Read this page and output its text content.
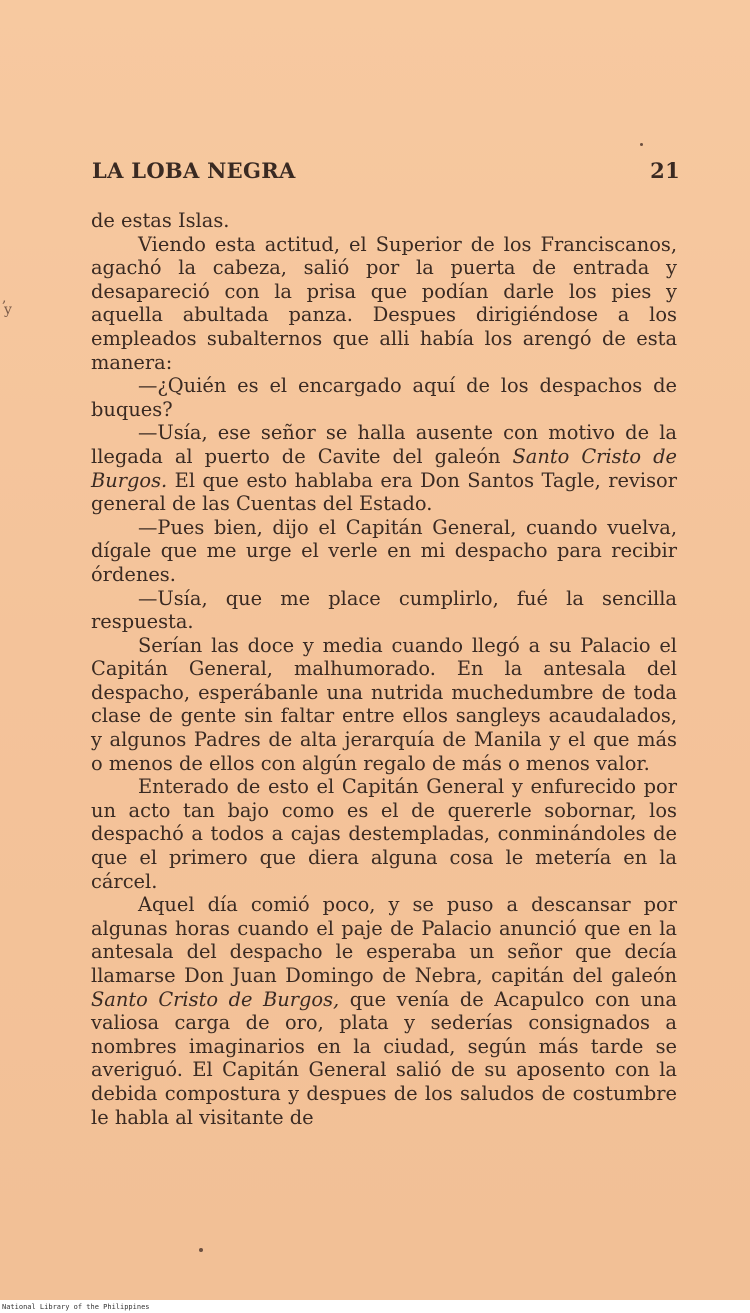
LA LOBA NEGRA	21

de estas Islas.

Viendo esta actitud, el Superior de los Franciscanos, agachó la cabeza, salió por la puerta de entrada y desapareció con la prisa que podían darle los pies y aquella abultada panza. Despues dirigiéndose a los empleados subalternos que alli había los arengó de esta manera:

—¿Quién es el encargado aquí de los despachos de buques?

—Usía, ese señor se halla ausente con motivo de la llegada al puerto de Cavite del galeón Santo Cristo de Burgos. El que esto hablaba era Don Santos Tagle, revisor general de las Cuentas del Estado.

—Pues bien, dijo el Capitán General, cuando vuelva, dígale que me urge el verle en mi despacho para recibir órdenes.

—Usía, que me place cumplirlo, fué la sencilla respuesta.

Serían las doce y media cuando llegó a su Palacio el Capitán General, malhumorado. En la antesala del despacho, esperábanle una nutrida muchedumbre de toda clase de gente sin faltar entre ellos sangleys acaudalados, y algunos Padres de alta jerarquía de Manila y el que más o menos de ellos con algún regalo de más o menos valor.

Enterado de esto el Capitán General y enfurecido por un acto tan bajo como es el de quererle sobornar, los despachó a todos a cajas destempladas, conminándoles de que el primero que diera alguna cosa le metería en la cárcel.

Aquel día comió poco, y se puso a descansar por algunas horas cuando el paje de Palacio anunció que en la antesala del despacho le esperaba un señor que decía llamarse Don Juan Domingo de Nebra, capitán del galeón Santo Cristo de Burgos, que venía de Acapulco con una valiosa carga de oro, plata y sederías consignados a nombres imaginarios en la ciudad, según más tarde se averiguó. El Capitán General salió de su aposento con la debida compostura y despues de los saludos de costumbre le habla al visitante de

,
y
National Library of the Philippines
